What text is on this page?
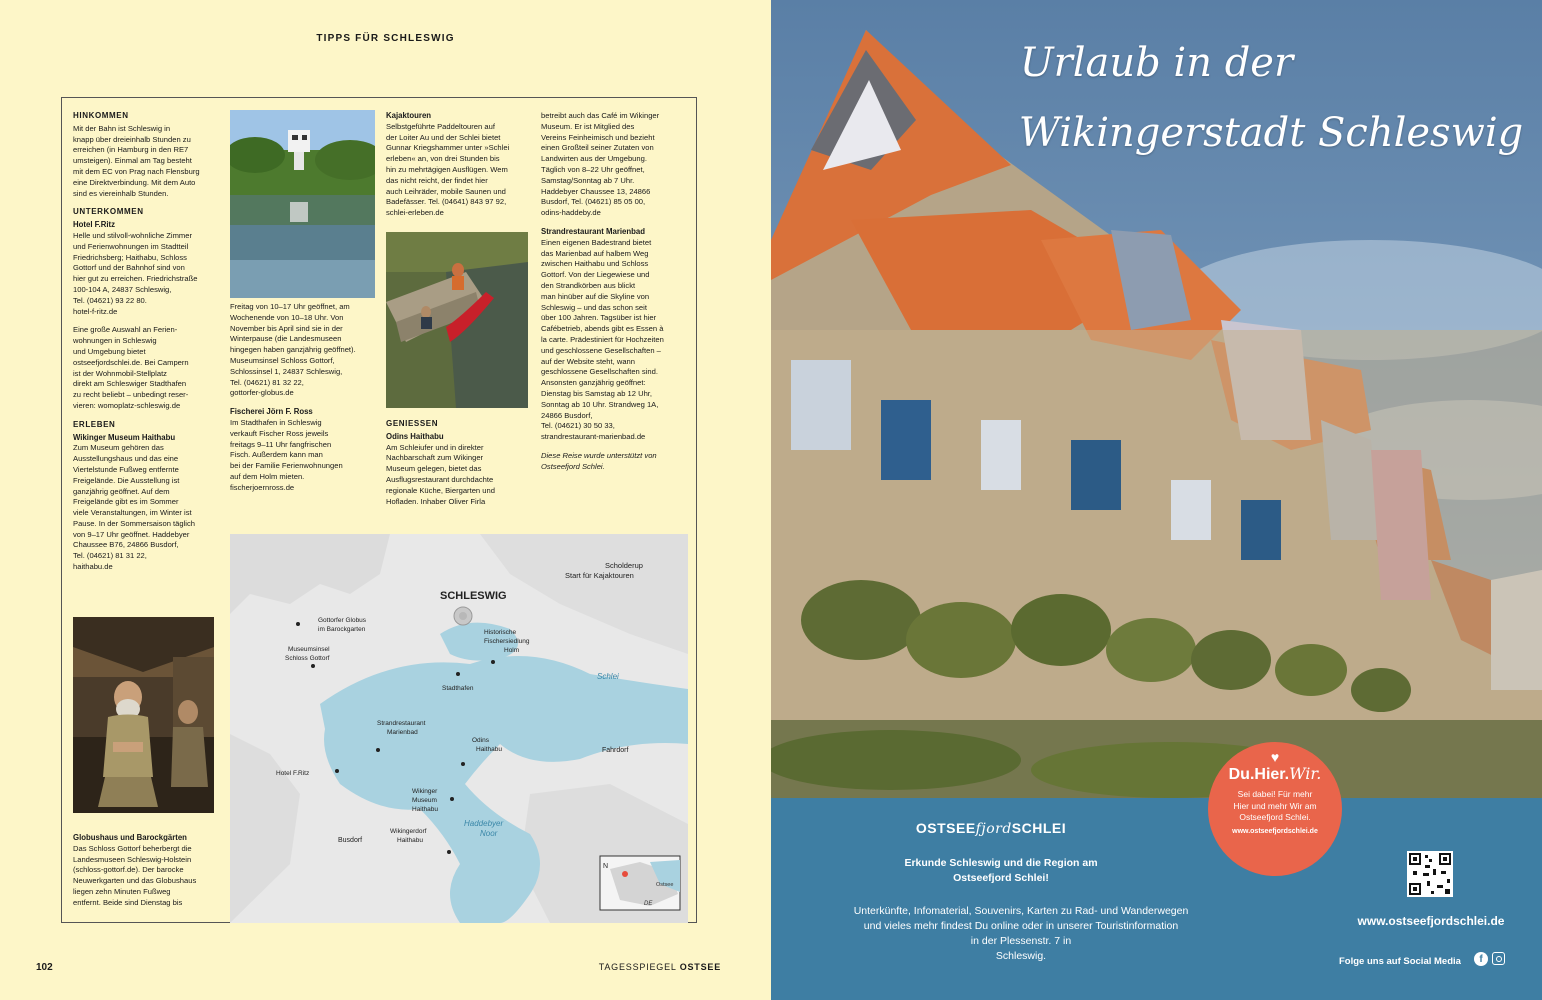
TIPPS FÜR SCHLESWIG
HINKOMMEN

Mit der Bahn ist Schleswig in
knapp über dreieinhalb Stunden zu
erreichen (in Hamburg in den RE7
umsteigen). Einmal am Tag besteht
mit dem EC von Prag nach Flensburg
eine Direktverbindung. Mit dem Auto
sind es viereinhalb Stunden.

UNTERKOMMEN
Hotel F.Ritz

Helle und stilvoll-wohnliche Zimmer
und Ferienwohnungen im Stadtteil
Friedrichsberg; Haithabu, Schloss
Gottorf und der Bahnhof sind von
hier gut zu erreichen. Friedrichstraße
100-104 A, 24837 Schleswig,
Tel. (04621) 93 22 80.
hotel-f-ritz.de

Eine große Auswahl an Ferien-
wohnungen in Schleswig
und Umgebung bietet
ostseefjordschlei.de. Bei Campern
ist der Wohnmobil-Stellplatz
direkt am Schleswiger Stadthafen
zu recht beliebt – unbedingt reser-
vieren: womoplatz-schleswig.de

ERLEBEN
Wikinger Museum Haithabu

Zum Museum gehören das
Ausstellungshaus und das eine
Viertelstunde Fußweg entfernte
Freigelände. Die Ausstellung ist
ganzjährig geöffnet. Auf dem
Freigelände gibt es im Sommer
viele Veranstaltungen, im Winter ist
Pause. In der Sommersaison täglich
von 9–17 Uhr geöffnet. Haddebyer
Chaussee B76, 24866 Busdorf,
Tel. (04621) 81 31 22,
haithabu.de

Globushaus und Barockgärten

Das Schloss Gottorf beherbergt die
Landesmuseen Schleswig-Holstein
(schloss-gottorf.de). Der barocke
Neuwerkgarten und das Globushaus
liegen zehn Minuten Fußweg
entfernt. Beide sind Dienstag bis

Freitag von 10–17 Uhr geöffnet, am
Wochenende von 10–18 Uhr. Von
November bis April sind sie in der
Winterpause (die Landesmuseen
hingegen haben ganzjährig geöffnet).
Museumsinsel Schloss Gottorf,
Schlossinsel 1, 24837 Schleswig,
Tel. (04621) 81 32 22,
gottorfer-globus.de

Fischerei Jörn F. Ross

Im Stadthafen in Schleswig
verkauft Fischer Ross jeweils
freitags 9–11 Uhr fangfrischen
Fisch. Außerdem kann man
bei der Familie Ferienwohnungen
auf dem Holm mieten.
fischerjoernross.de

Kajaktouren

Selbstgeführte Paddeltouren auf
der Loiter Au und der Schlei bietet
Gunnar Kriegshammer unter »Schlei
erleben« an, von drei Stunden bis
hin zu mehrtägigen Ausflügen. Wem
das nicht reicht, der findet hier
auch Leihräder, mobile Saunen und
Badefässer. Tel. (04641) 843 97 92,
schlei-erleben.de

GENIESSEN
Odins Haithabu

Am Schleiufer und in direkter
Nachbarschaft zum Wikinger
Museum gelegen, bietet das
Ausflugsrestaurant durchdachte
regionale Küche, Biergarten und
Hofladen. Inhaber Oliver Firla

betreibt auch das Café im Wikinger
Museum. Er ist Mitglied des
Vereins Feinheimisch und bezieht
einen Großteil seiner Zutaten von
Landwirten aus der Umgebung.
Täglich von 8–22 Uhr geöffnet,
Samstag/Sonntag ab 7 Uhr.
Haddebyer Chaussee 13, 24866
Busdorf, Tel. (04621) 85 05 00,
odins-haddeby.de

Strandrestaurant Marienbad

Einen eigenen Badestrand bietet
das Marienbad auf halbem Weg
zwischen Haithabu und Schloss
Gottorf. Von der Liegewiese und
den Strandkörben aus blickt
man hinüber auf die Skyline von
Schleswig – und das schon seit
über 100 Jahren. Tagsüber ist hier
Cafébetrieb, abends gibt es Essen à
la carte. Prädestiniert für Hochzeiten
und geschlossene Gesellschaften –
auf der Website steht, wann
geschlossene Gesellschaften sind.
Ansonsten ganzjährig geöffnet:
Dienstag bis Samstag ab 12 Uhr,
Sonntag ab 10 Uhr. Strandweg 1A,
24866 Busdorf,
Tel. (04621) 30 50 33,
strandrestaurant-marienbad.de

Diese Reise wurde unterstützt von
Ostseefjord Schlei.

SCHLESWIG
Scholderup
Start für Kajaktouren
Gottorfer Globus
im Barockgarten
Museumsinsel
Schloss Gottorf
Historische
Fischersiedlung
Holm
Stadthafen
Schlei
Strandrestaurant
Marienbad
Odins
Haithabu	Fahrdorf
Hotel F.Ritz
Wikinger
Museum
Haithabu
Haddebyer
Noor
Busdorf
Wikingerdorf
Haithabu
N
Ostsee
DE
102	TAGESSPIEGEL OSTSEE
Urlaub in der
Wikingerstadt Schleswig
OSTSEEfjordSCHLEI
Erkunde Schleswig und die Region am
Ostseefjord Schlei!
Unterkünfte, Infomaterial, Souvenirs, Karten zu Rad- und Wanderwegen
und vieles mehr findest Du online oder in unserer Touristinformation
in der Plessenstr. 7 in
Schleswig.
www.ostseefjordschlei.de
Folge uns auf Social Media	f
♥
Du.Hier.Wir.
Sei dabei! Für mehr
Hier und mehr Wir am
Ostseefjord Schlei.
www.ostseefjordschlei.de
